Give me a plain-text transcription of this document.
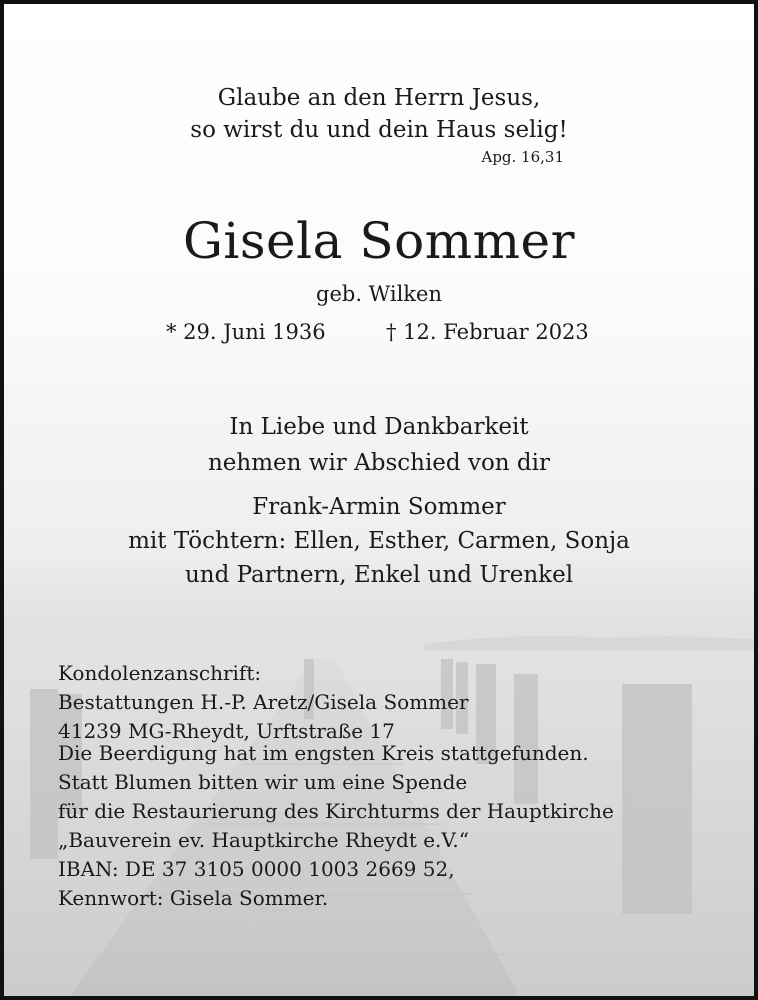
Glaube an den Herrn Jesus,
so wirst du und dein Haus selig!
Apg. 16,31
Gisela Sommer
geb. Wilken
* 29. Juni 1936	† 12. Februar 2023
In Liebe und Dankbarkeit
nehmen wir Abschied von dir
Frank-Armin Sommer
mit Töchtern: Ellen, Esther, Carmen, Sonja
und Partnern, Enkel und Urenkel
Kondolenzanschrift:
Bestattungen H.-P. Aretz/Gisela Sommer
41239 MG-Rheydt, Urftstraße 17
Die Beerdigung hat im engsten Kreis stattgefunden.
Statt Blumen bitten wir um eine Spende
für die Restaurierung des Kirchturms der Hauptkirche
„Bauverein ev. Hauptkirche Rheydt e.V.“
IBAN: DE 37 3105 0000 1003 2669 52,
Kennwort: Gisela Sommer.
